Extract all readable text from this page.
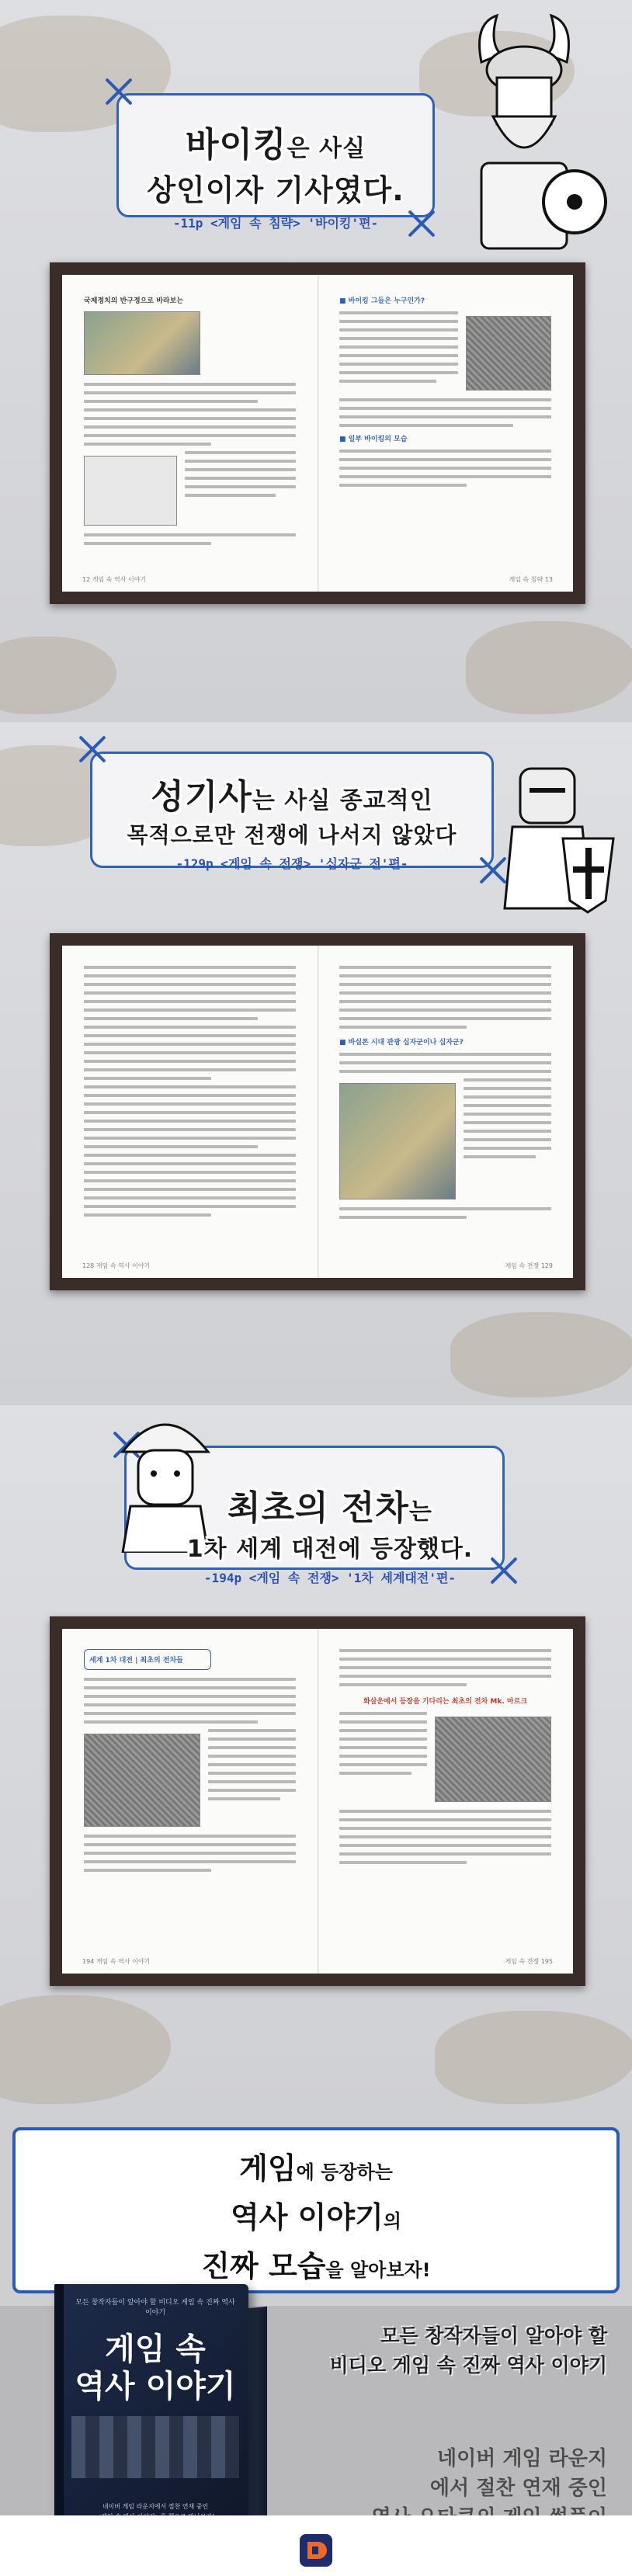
바이킹은 사실
상인이자 기사였다.
-11p <게임 속 침략> '바이킹'편-
국제정치의 반구정으로 바라보는
12 게임 속 역사 이야기
■ 바이킹 그들은 누구인가?
■ 일부 바이킹의 모습
게임 속 침략 13
성기사는 사실 종교적인
목적으로만 전쟁에 나서지 않았다
-129p <게임 속 전쟁> '십자군 전'편-
128 게임 속 역사 이야기
■ 바실폰 시대 관광 십자군이나 십자군?
게임 속 전쟁 129
최초의 전차는
1차 세계 대전에 등장했다.
-194p <게임 속 전쟁> '1차 세계대전'편-
세계 1차 대전 | 최초의 전차들
194 게임 속 역사 이야기
화살운에서 등장을 기다리는 최초의 전차 Mk. 마르크
게임 속 전쟁 195
게임에 등장하는
역사 이야기의
진짜 모습을 알아보자!
모든 창작자들이 알아야 할
비디오 게임 속 진짜 역사 이야기
네이버 게임 라운지
에서 절찬 연재 중인
모든 창작자들이 알아야 할 비디오 게임 속 진짜 역사 이야기
게임 속
역사 이야기
네이버 게임 라운지에서 절찬 연재 중인
